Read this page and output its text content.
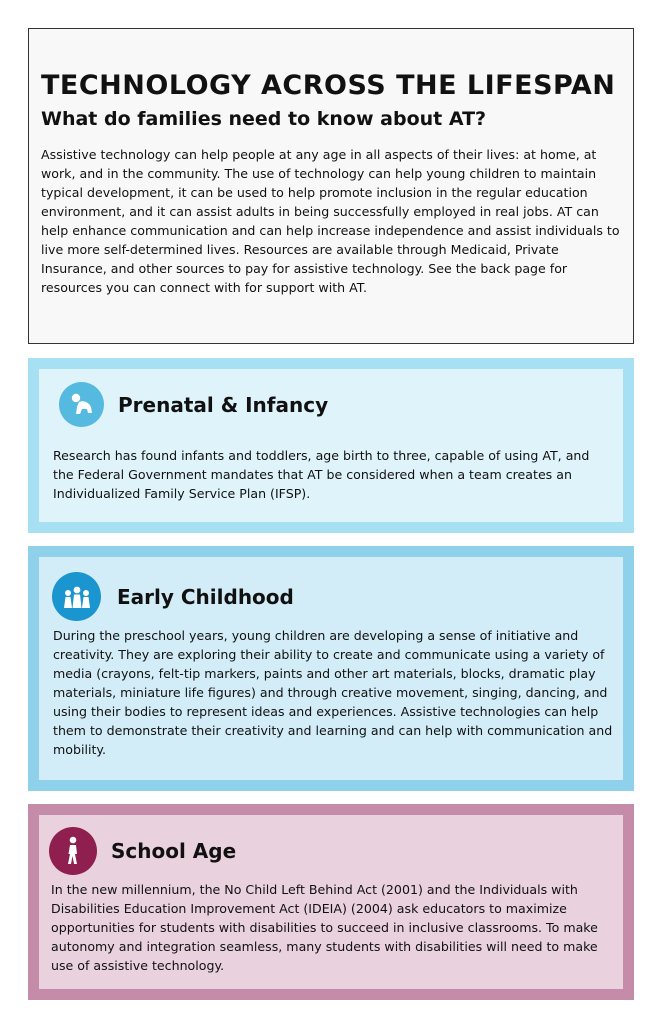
TECHNOLOGY ACROSS THE LIFESPAN
What do families need to know about AT?

Assistive technology can help people at any age in all aspects of their lives: at home, at work, and in the community. The use of technology can help young children to maintain typical development, it can be used to help promote inclusion in the regular education environment, and it can assist adults in being successfully employed in real jobs. AT can help enhance communication and can help increase independence and assist individuals to live more self-determined lives. Resources are available through Medicaid, Private Insurance, and other sources to pay for assistive technology. See the back page for resources you can connect with for support with AT.

Prenatal & Infancy

Research has found infants and toddlers, age birth to three, capable of using AT, and the Federal Government mandates that AT be considered when a team creates an Individualized Family Service Plan (IFSP).

Early Childhood

During the preschool years, young children are developing a sense of initiative and creativity. They are exploring their ability to create and communicate using a variety of media (crayons, felt-tip markers, paints and other art materials, blocks, dramatic play materials, miniature life figures) and through creative movement, singing, dancing, and using their bodies to represent ideas and experiences. Assistive technologies can help them to demonstrate their creativity and learning and can help with communication and mobility.

School Age

In the new millennium, the No Child Left Behind Act (2001) and the Individuals with Disabilities Education Improvement Act (IDEIA) (2004) ask educators to maximize opportunities for students with disabilities to succeed in inclusive classrooms. To make autonomy and integration seamless, many students with disabilities will need to make use of assistive technology.
